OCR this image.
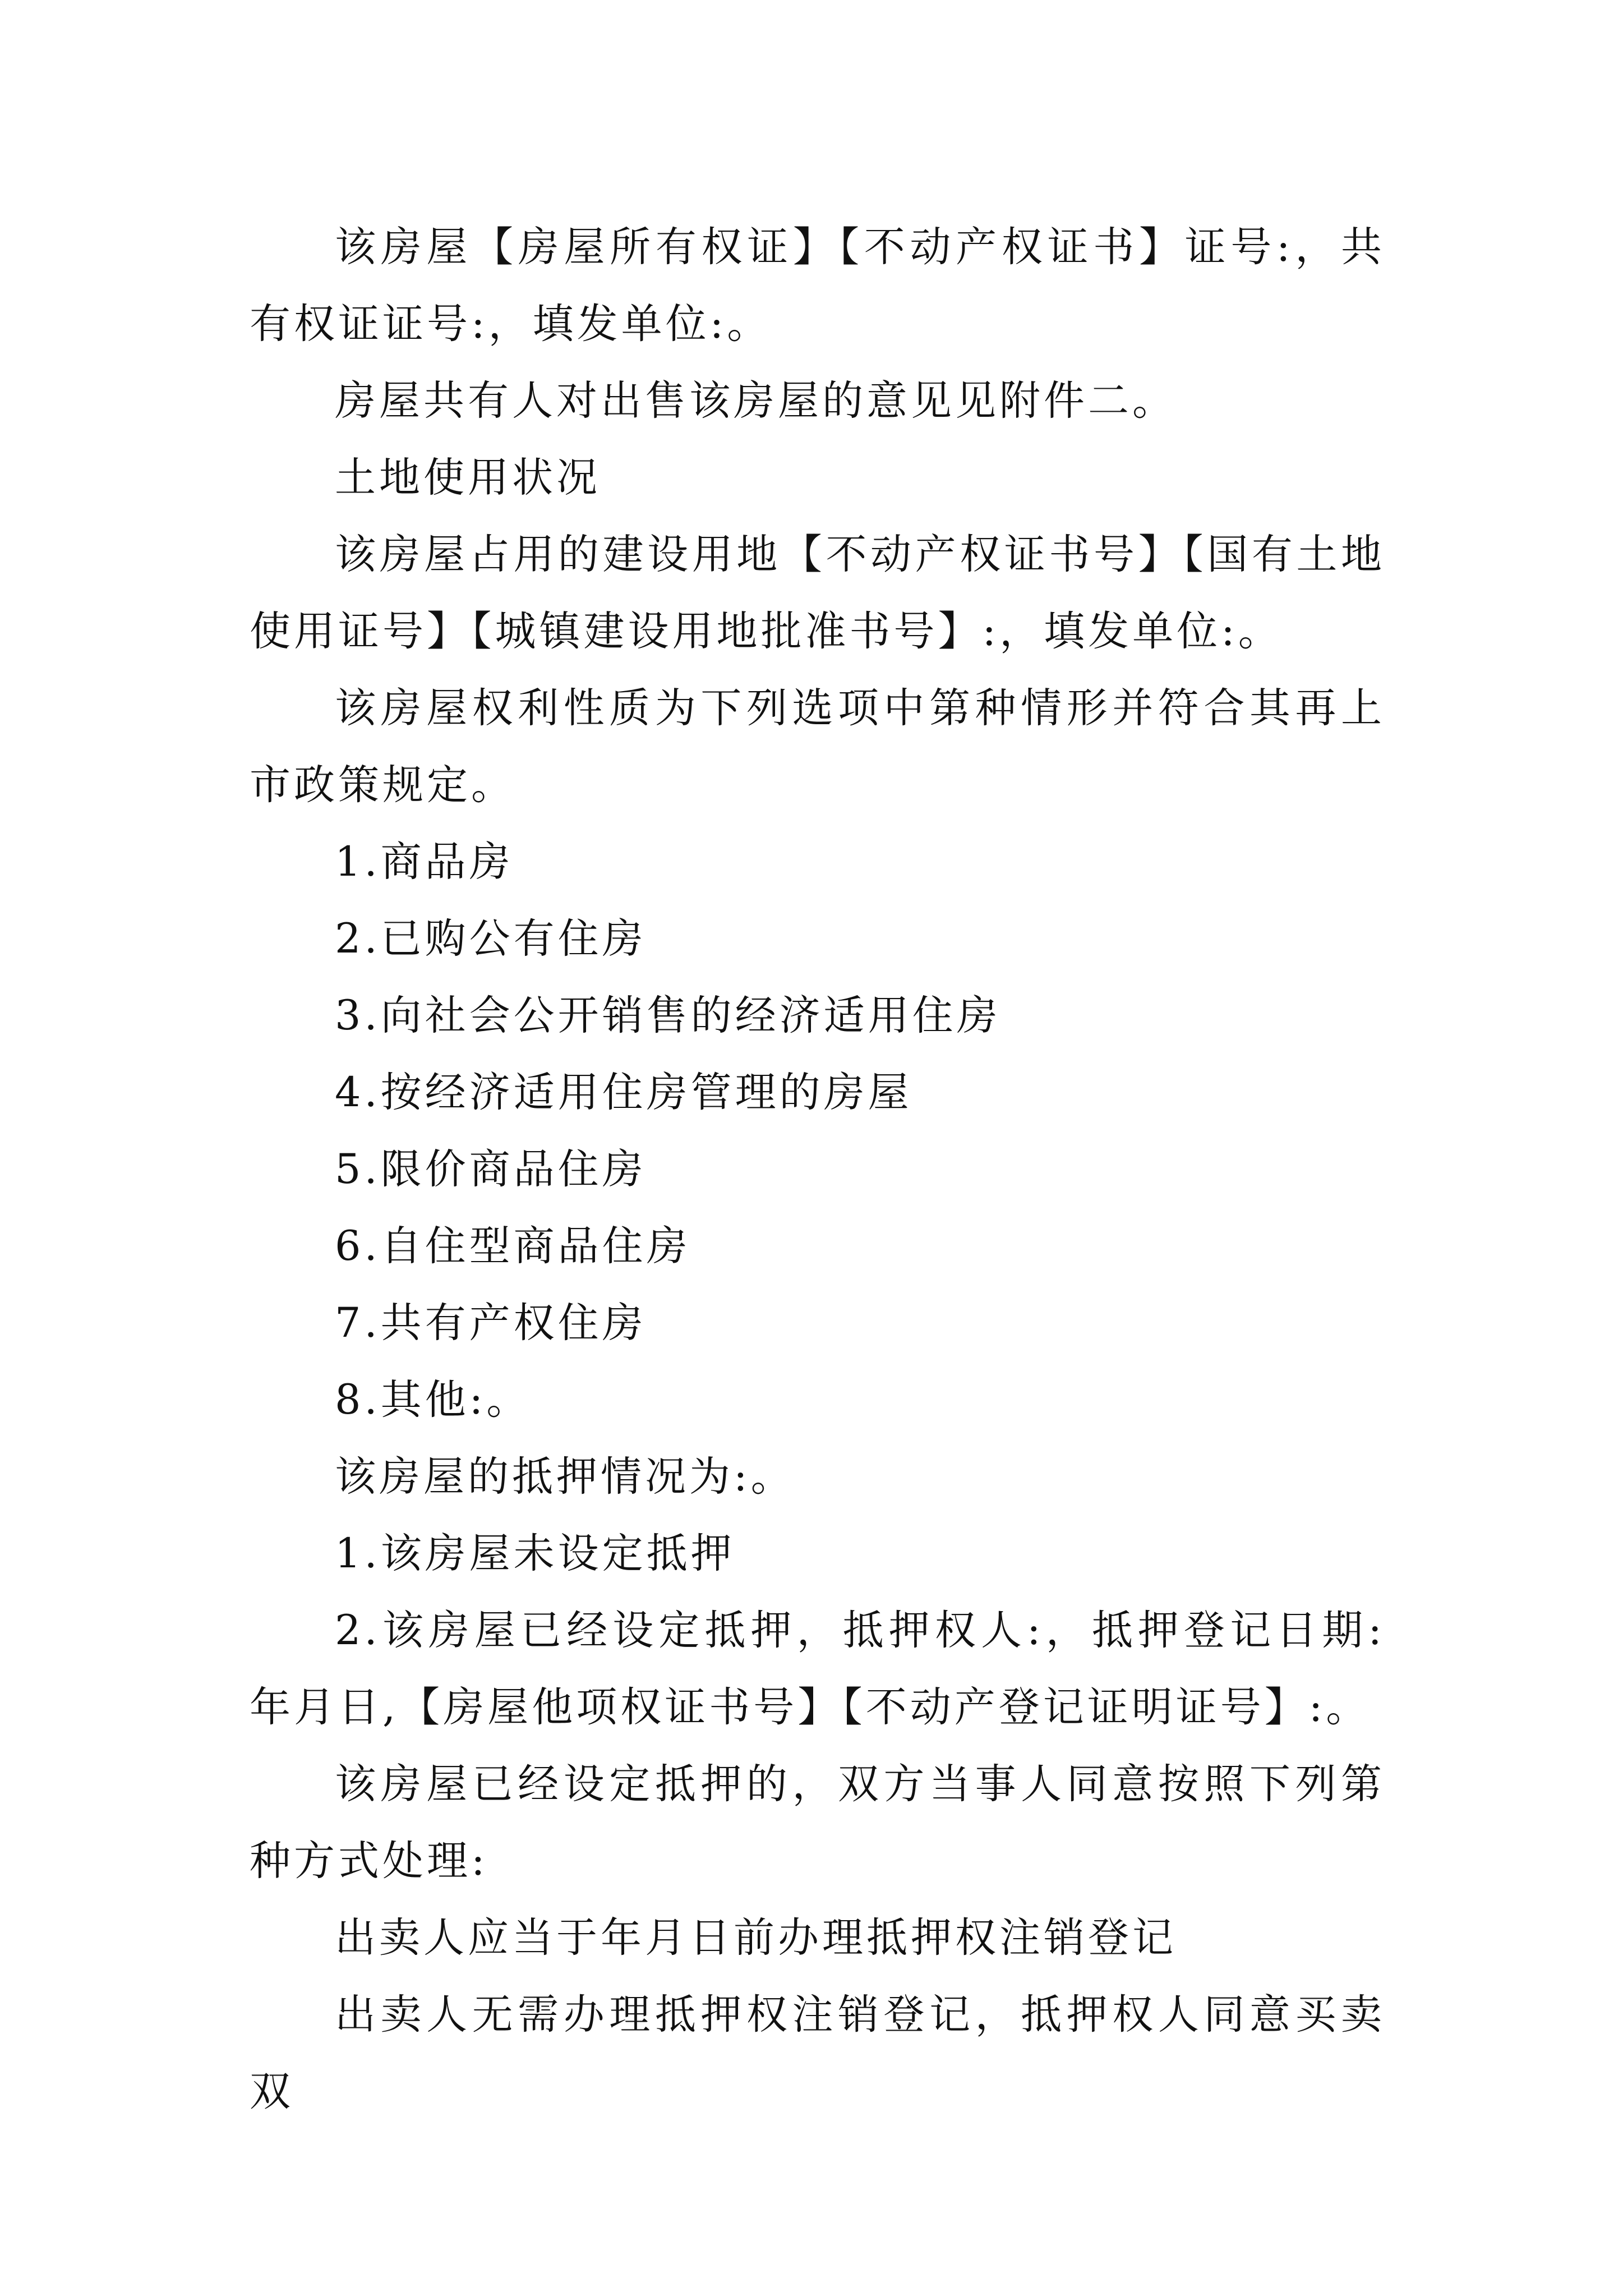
该房屋【房屋所有权证】【不动产权证书】证号:，共有权证证号:，填发单位:。

房屋共有人对出售该房屋的意见见附件二。

土地使用状况

该房屋占用的建设用地【不动产权证书号】【国有土地使用证号】【城镇建设用地批准书号】:，填发单位:。

该房屋权利性质为下列选项中第种情形并符合其再上市政策规定。

1.商品房

2.已购公有住房

3.向社会公开销售的经济适用住房

4.按经济适用住房管理的房屋

5.限价商品住房

6.自住型商品住房

7.共有产权住房

8.其他:。

该房屋的抵押情况为:。

1.该房屋未设定抵押

2.该房屋已经设定抵押，抵押权人:，抵押登记日期:年月日,【房屋他项权证书号】【不动产登记证明证号】:。

该房屋已经设定抵押的，双方当事人同意按照下列第种方式处理:

出卖人应当于年月日前办理抵押权注销登记

出卖人无需办理抵押权注销登记，抵押权人同意买卖双
